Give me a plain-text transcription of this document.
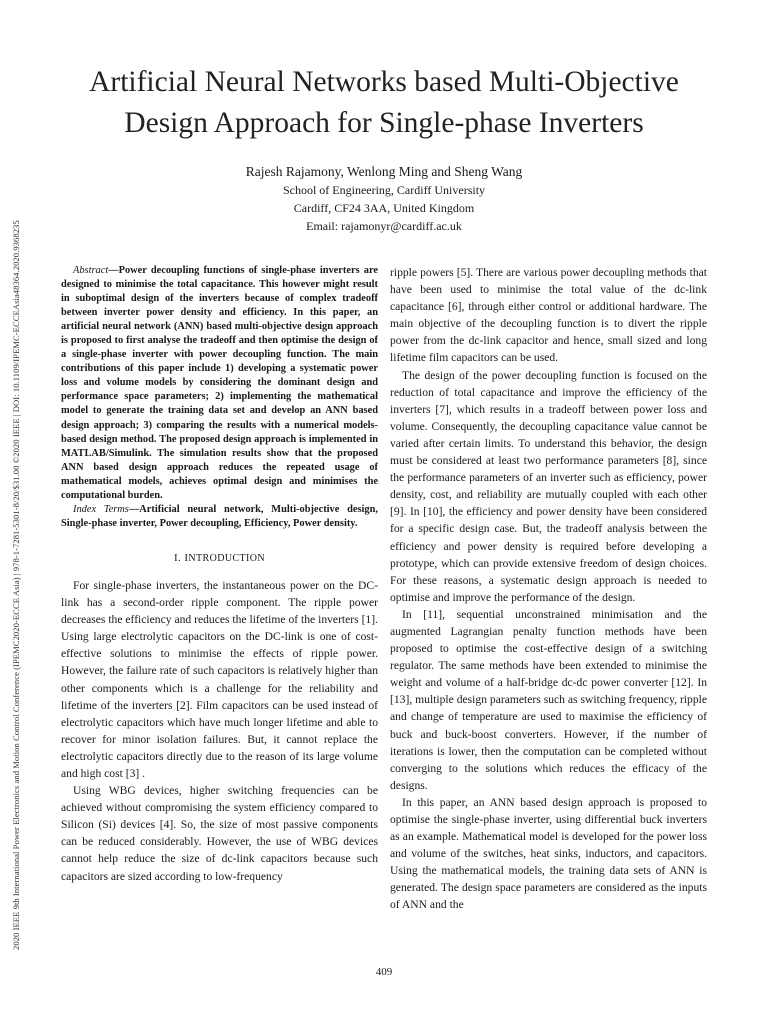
2020 IEEE 9th International Power Electronics and Motion Control Conference (IPEMC2020-ECCE Asia) | 978-1-7281-5301-8/20/$31.00 ©2020 IEEE | DOI: 10.1109/IPEMC-ECCEAsia48364.2020.9368235
Artificial Neural Networks based Multi-Objective
Design Approach for Single-phase Inverters
Rajesh Rajamony, Wenlong Ming and Sheng Wang
School of Engineering, Cardiff University
Cardiff, CF24 3AA, United Kingdom
Email: rajamonyr@cardiff.ac.uk

Abstract—Power decoupling functions of single-phase inverters are designed to minimise the total capacitance. This however might result in suboptimal design of the inverters because of complex tradeoff between inverter power density and efficiency. In this paper, an artificial neural network (ANN) based multi-objective design approach is proposed to first analyse the tradeoff and then optimise the design of a single-phase inverter with power decoupling function. The main contributions of this paper include 1) developing a systematic power loss and volume models by considering the dominant design and performance space parameters; 2) implementing the mathematical model to generate the training data set and develop an ANN based design approach; 3) comparing the results with a numerical models-based design method. The proposed design approach is implemented in MATLAB/Simulink. The simulation results show that the proposed ANN based design approach reduces the repeated usage of mathematical models, achieves optimal design and minimises the computational burden.

Index Terms—Artificial neural network, Multi-objective design, Single-phase inverter, Power decoupling, Efficiency, Power density.

I. INTRODUCTION

For single-phase inverters, the instantaneous power on the DC-link has a second-order ripple component. The ripple power decreases the efficiency and reduces the lifetime of the inverters [1]. Using large electrolytic capacitors on the DC-link is one of cost-effective solutions to minimise the effects of ripple power. However, the failure rate of such capacitors is relatively higher than other components which is a challenge for the reliability and lifetime of the inverters [2]. Film capacitors can be used instead of electrolytic capacitors which have much longer lifetime and able to recover for minor isolation failures. But, it cannot replace the electrolytic capacitors directly due to the reason of its large volume and high cost [3] .

Using WBG devices, higher switching frequencies can be achieved without compromising the system efficiency compared to Silicon (Si) devices [4]. So, the size of most passive components can be reduced considerably. However, the use of WBG devices cannot help reduce the size of dc-link capacitors because such capacitors are sized according to low-frequency

ripple powers [5]. There are various power decoupling methods that have been used to minimise the total value of the dc-link capacitance [6], through either control or additional hardware. The main objective of the decoupling function is to divert the ripple power from the dc-link capacitor and hence, small sized and long lifetime film capacitors can be used.

The design of the power decoupling function is focused on the reduction of total capacitance and improve the efficiency of the inverters [7], which results in a tradeoff between power loss and volume. Consequently, the decoupling capacitance value cannot be varied after certain limits. To understand this behavior, the design must be considered at least two performance parameters [8], since the performance parameters of an inverter such as efficiency, power density, cost, and reliability are mutually coupled with each other [9]. In [10], the efficiency and power density have been considered for a specific design case. But, the tradeoff analysis between the efficiency and power density is required before developing a prototype, which can provide extensive freedom of design choices. For these reasons, a systematic design approach is needed to optimise and improve the performance of the design.

In [11], sequential unconstrained minimisation and the augmented Lagrangian penalty function methods have been proposed to optimise the cost-effective design of a switching regulator. The same methods have been extended to minimise the weight and volume of a half-bridge dc-dc power converter [12]. In [13], multiple design parameters such as switching frequency, ripple and change of temperature are used to maximise the efficiency of buck and buck-boost converters. However, if the number of iterations is lower, then the computation can be completed without converging to the solutions which reduces the efficacy of the designs.

In this paper, an ANN based design approach is proposed to optimise the single-phase inverter, using differential buck inverters as an example. Mathematical model is developed for the power loss and volume of the switches, heat sinks, inductors, and capacitors. Using the mathematical models, the training data sets of ANN is generated. The design space parameters are considered as the inputs of ANN and the

409
